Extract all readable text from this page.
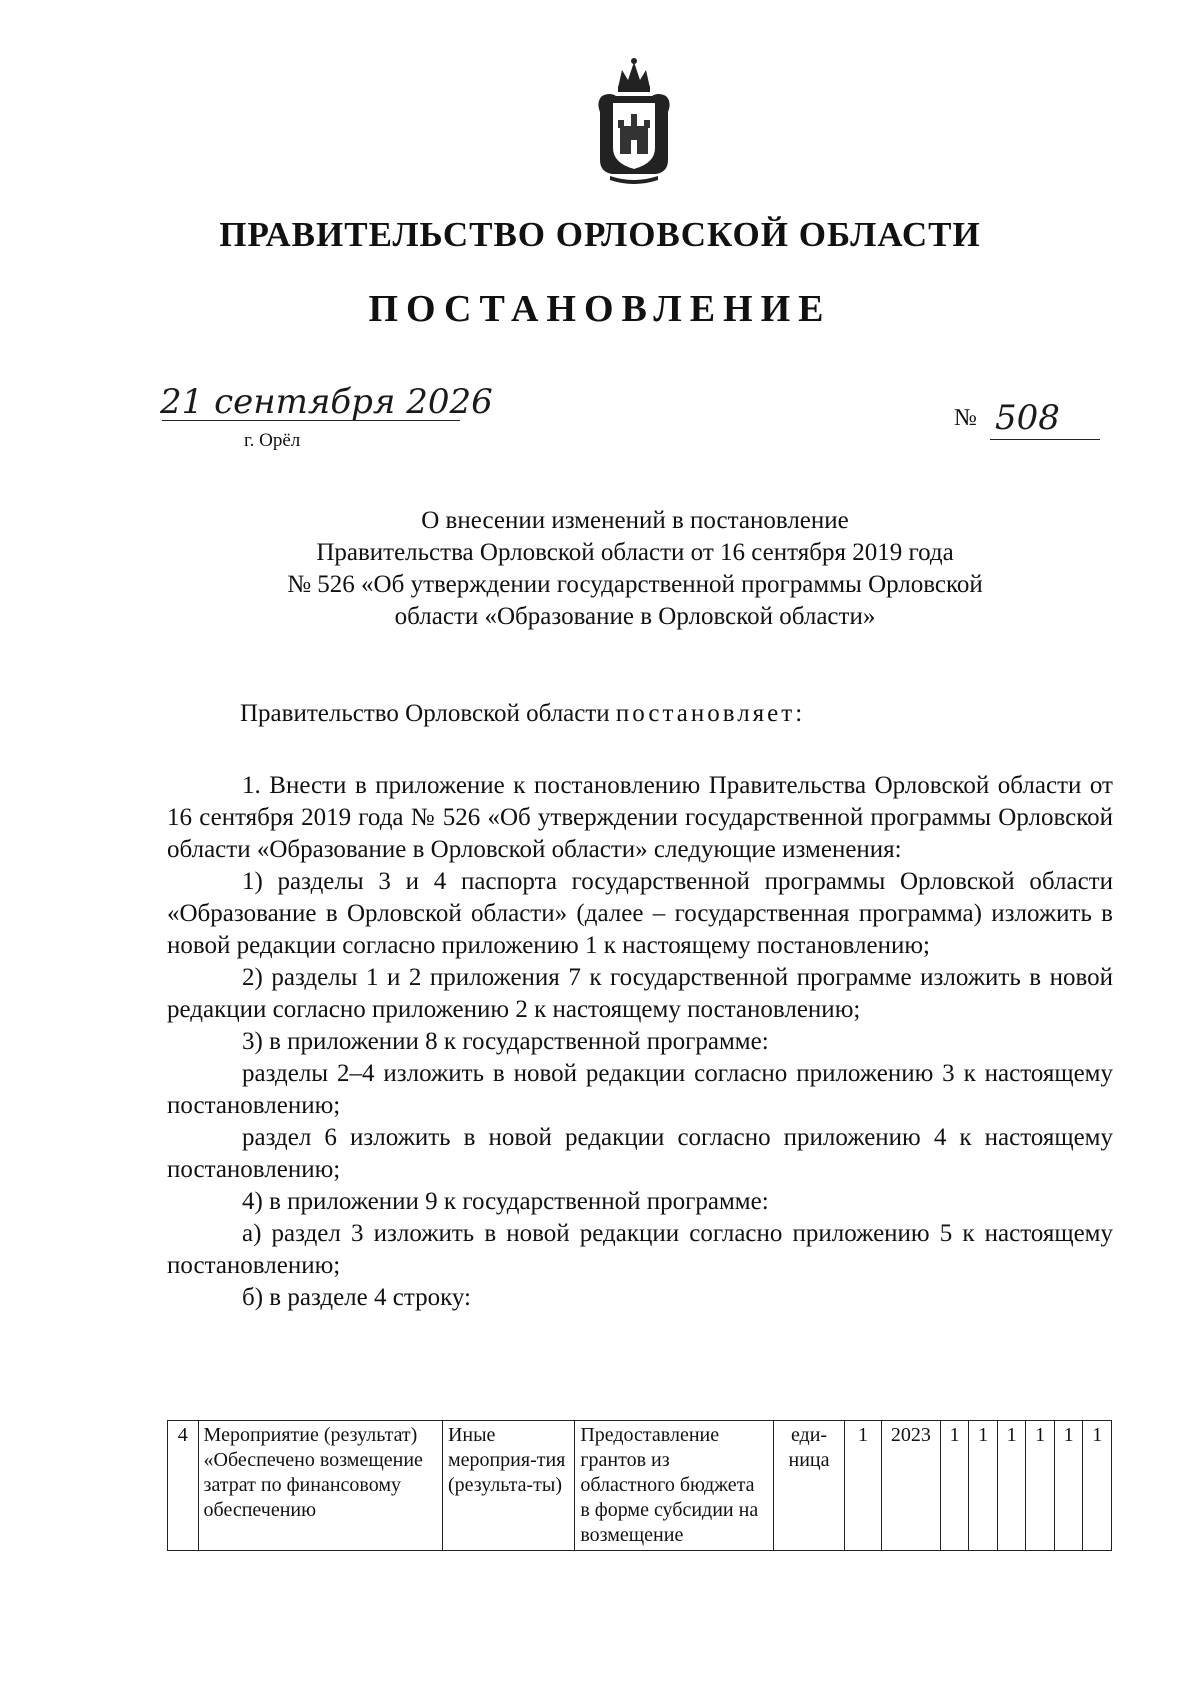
ПРАВИТЕЛЬСТВО ОРЛОВСКОЙ ОБЛАСТИ
ПОСТАНОВЛЕНИЕ
21 сентября 2026
г. Орёл
№ 508
О внесении изменений в постановление
Правительства Орловской области от 16 сентября 2019 года
№ 526 «Об утверждении государственной программы Орловской
области «Образование в Орловской области»
Правительство Орловской области постановляет:

1. Внести в приложение к постановлению Правительства Орловской области от 16 сентября 2019 года № 526 «Об утверждении государственной программы Орловской области «Образование в Орловской области» следующие изменения:

1) разделы 3 и 4 паспорта государственной программы Орловской области «Образование в Орловской области» (далее – государственная программа) изложить в новой редакции согласно приложению 1 к настоящему постановлению;

2) разделы 1 и 2 приложения 7 к государственной программе изложить в новой редакции согласно приложению 2 к настоящему постановлению;

3) в приложении 8 к государственной программе:

разделы 2–4 изложить в новой редакции согласно приложению 3 к настоящему постановлению;

раздел 6 изложить в новой редакции согласно приложению 4 к настоящему постановлению;

4) в приложении 9 к государственной программе:

а) раздел 3 изложить в новой редакции согласно приложению 5 к настоящему постановлению;

б) в разделе 4 строку:

4	Мероприятие (результат) «Обеспечено возмещение затрат по финансовому обеспечению	Иные мероприя-тия (результа-ты)	Предоставление грантов из областного бюджета в форме субсидии на возмещение	еди-ница	1	2023	1	1	1	1	1	1
